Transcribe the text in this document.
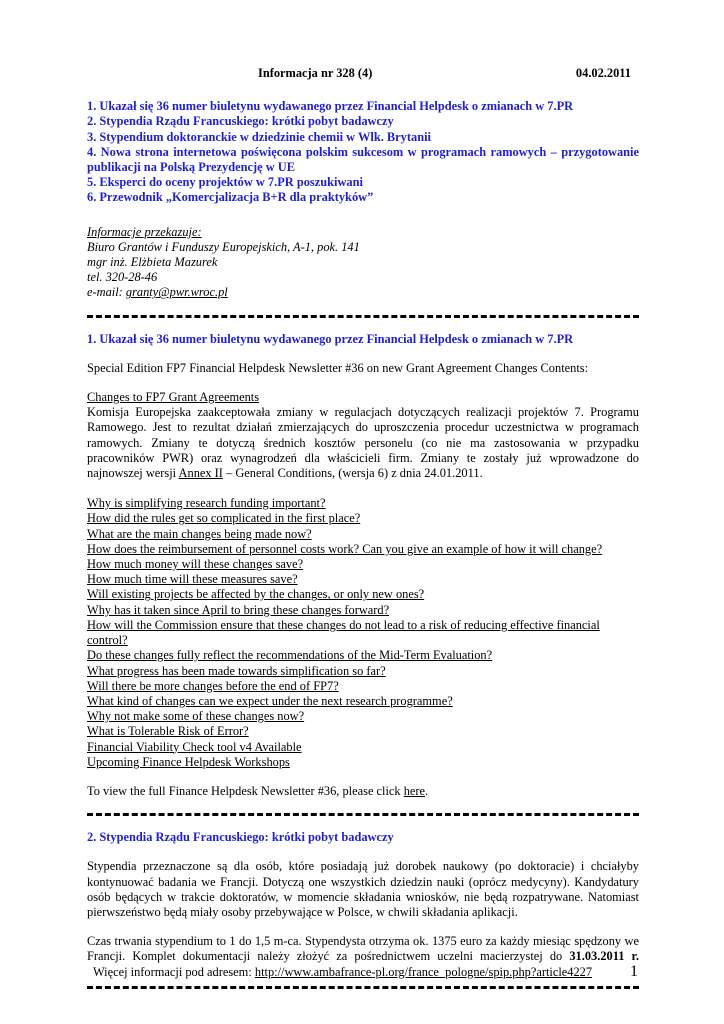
Informacja nr 328 (4)	04.02.2011
1. Ukazał się 36 numer biuletynu wydawanego przez Financial Helpdesk o zmianach w 7.PR
2. Stypendia Rządu Francuskiego: krótki pobyt badawczy
3. Stypendium doktoranckie w dziedzinie chemii w Wlk. Brytanii
4. Nowa strona internetowa poświęcona polskim sukcesom w programach ramowych – przygotowanie publikacji na Polską Prezydencję w UE
5. Eksperci do oceny projektów w 7.PR poszukiwani
6. Przewodnik „Komercjalizacja B+R dla praktyków”
Informacje przekazuje:
Biuro Grantów i Funduszy Europejskich, A-1, pok. 141
mgr inż. Elżbieta Mazurek
tel. 320-28-46
e-mail: granty@pwr.wroc.pl
1. Ukazał się 36 numer biuletynu wydawanego przez Financial Helpdesk o zmianach w 7.PR

Special Edition FP7 Financial Helpdesk Newsletter #36 on new Grant Agreement Changes Contents:

Changes to FP7 Grant Agreements
Komisja Europejska zaakceptowała zmiany w regulacjach dotyczących realizacji projektów 7. Programu Ramowego. Jest to rezultat działań zmierzających do uproszczenia procedur uczestnictwa w programach ramowych. Zmiany te dotyczą średnich kosztów personelu (co nie ma zastosowania w przypadku pracowników PWR) oraz wynagrodzeń dla właścicieli firm. Zmiany te zostały już wprowadzone do najnowszej wersji Annex II – General Conditions, (wersja 6) z dnia 24.01.2011.

Why is simplifying research funding important?
How did the rules get so complicated in the first place?
What are the main changes being made now?
How does the reimbursement of personnel costs work? Can you give an example of how it will change?
How much money will these changes save?
How much time will these measures save?
Will existing projects be affected by the changes, or only new ones?
Why has it taken since April to bring these changes forward?
How will the Commission ensure that these changes do not lead to a risk of reducing effective financial control?
Do these changes fully reflect the recommendations of the Mid-Term Evaluation?
What progress has been made towards simplification so far?
Will there be more changes before the end of FP7?
What kind of changes can we expect under the next research programme?
Why not make some of these changes now?
What is Tolerable Risk of Error?
Financial Viability Check tool v4 Available
Upcoming Finance Helpdesk Workshops

To view the full Finance Helpdesk Newsletter #36, please click here.

2. Stypendia Rządu Francuskiego: krótki pobyt badawczy

Stypendia przeznaczone są dla osób, które posiadają już dorobek naukowy (po doktoracie) i chciałyby kontynuować badania we Francji. Dotyczą one wszystkich dziedzin nauki (oprócz medycyny). Kandydatury osób będących w trakcie doktoratów, w momencie składania wniosków, nie będą rozpatrywane. Natomiast pierwszeństwo będą miały osoby przebywające w Polsce, w chwili składania aplikacji.

Czas trwania stypendium to 1 do 1,5 m-ca. Stypendysta otrzyma ok. 1375 euro za każdy miesiąc spędzony we Francji. Komplet dokumentacji należy złożyć za pośrednictwem uczelni macierzystej do 31.03.2011 r.  Więcej informacji pod adresem: http://www.ambafrance-pl.org/france_pologne/spip.php?article4227	1
